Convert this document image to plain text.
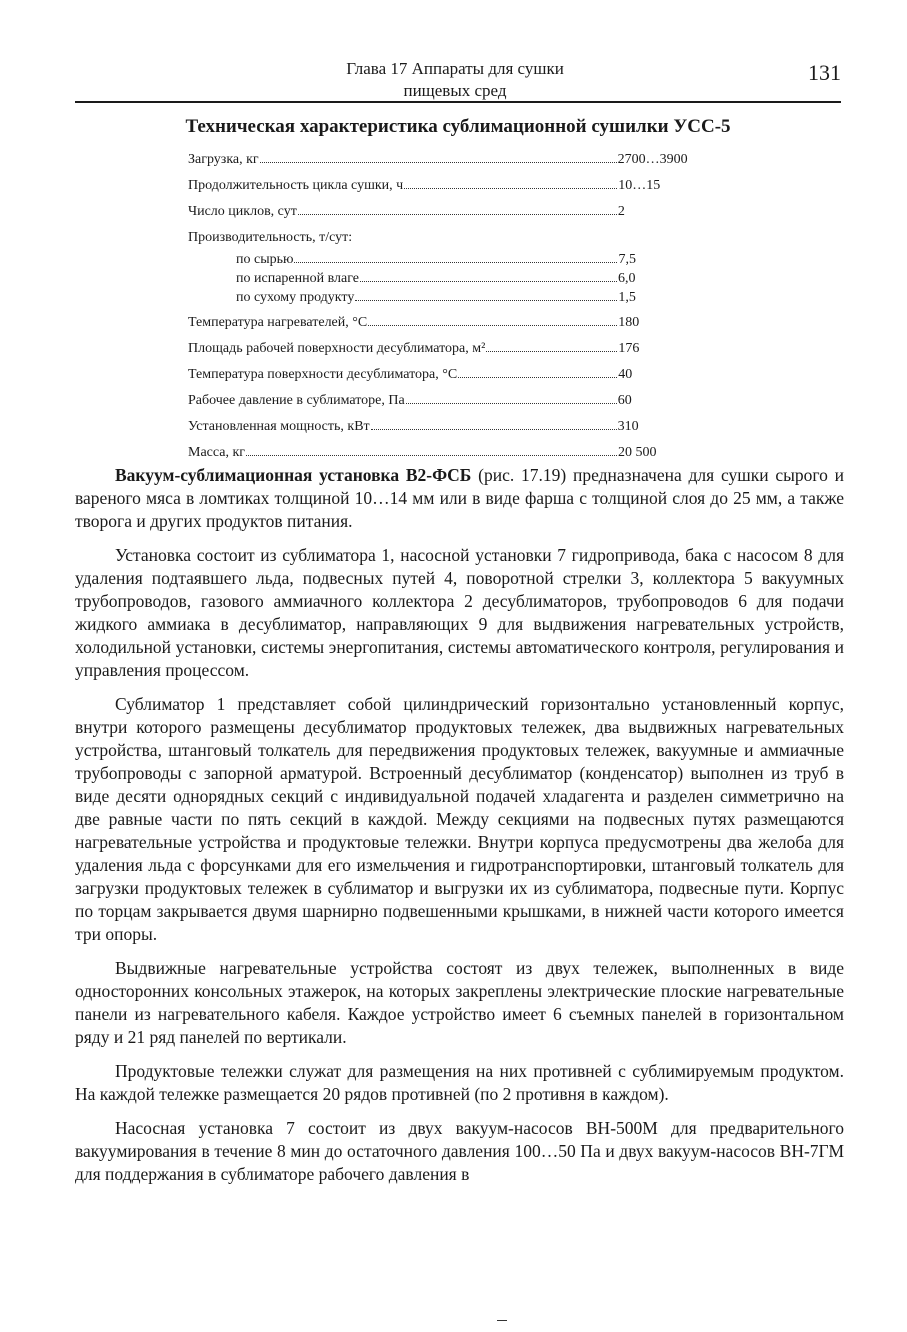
Глава 17 Аппараты для сушки
пищевых сред
131
Техническая характеристика сублимационной сушилки УСС-5
Загрузка, кг	2700…3900
Продолжительность цикла сушки, ч	10…15
Число циклов, сут	2
Производительность, т/сут:
по сырью	7,5
по испаренной влаге	6,0
по сухому продукту	1,5
Температура нагревателей, °С	180
Площадь рабочей поверхности десублиматора, м²	176
Температура поверхности десублиматора, °С	40
Рабочее давление в сублиматоре, Па	60
Установленная мощность, кВт	310
Масса, кг	20 500

Вакуум-сублимационная установка В2-ФСБ (рис. 17.19) предназначена для сушки сырого и вареного мяса в ломтиках толщиной 10…14 мм или в виде фарша с толщиной слоя до 25 мм, а также творога и других продуктов питания.

Установка состоит из сублиматора 1, насосной установки 7 гидропривода, бака с насосом 8 для удаления подтаявшего льда, подвесных путей 4, поворотной стрелки 3, коллектора 5 вакуумных трубопроводов, газового аммиачного коллектора 2 десублиматоров, трубопроводов 6 для подачи жидкого аммиака в десублиматор, направляющих 9 для выдвижения нагревательных устройств, холодильной установки, системы энергопитания, системы автоматического контроля, регулирования и управления процессом.

Сублиматор 1 представляет собой цилиндрический горизонтально установленный корпус, внутри которого размещены десублиматор продуктовых тележек, два выдвижных нагревательных устройства, штанговый толкатель для передвижения продуктовых тележек, вакуумные и аммиачные трубопроводы с запорной арматурой. Встроенный десублиматор (конденсатор) выполнен из труб в виде десяти однорядных секций с индивидуальной подачей хладагента и разделен симметрично на две равные части по пять секций в каждой. Между секциями на подвесных путях размещаются нагревательные устройства и продуктовые тележки. Внутри корпуса предусмотрены два желоба для удаления льда с форсунками для его измельчения и гидротранспортировки, штанговый толкатель для загрузки продуктовых тележек в сублиматор и выгрузки их из сублиматора, подвесные пути. Корпус по торцам закрывается двумя шарнирно подвешенными крышками, в нижней части которого имеется три опоры.

Выдвижные нагревательные устройства состоят из двух тележек, выполненных в виде односторонних консольных этажерок, на которых закреплены электрические плоские нагревательные панели из нагревательного кабеля. Каждое устройство имеет 6 съемных панелей в горизонтальном ряду и 21 ряд панелей по вертикали.

Продуктовые тележки служат для размещения на них противней с сублимируемым продуктом. На каждой тележке размещается 20 рядов противней (по 2 противня в каждом).

Насосная установка 7 состоит из двух вакуум-насосов ВН-500М для предварительного вакуумирования в течение 8 мин до остаточного давления 100…50 Па и двух вакуум-насосов ВН-7ГМ для поддержания в сублиматоре рабочего давления в
